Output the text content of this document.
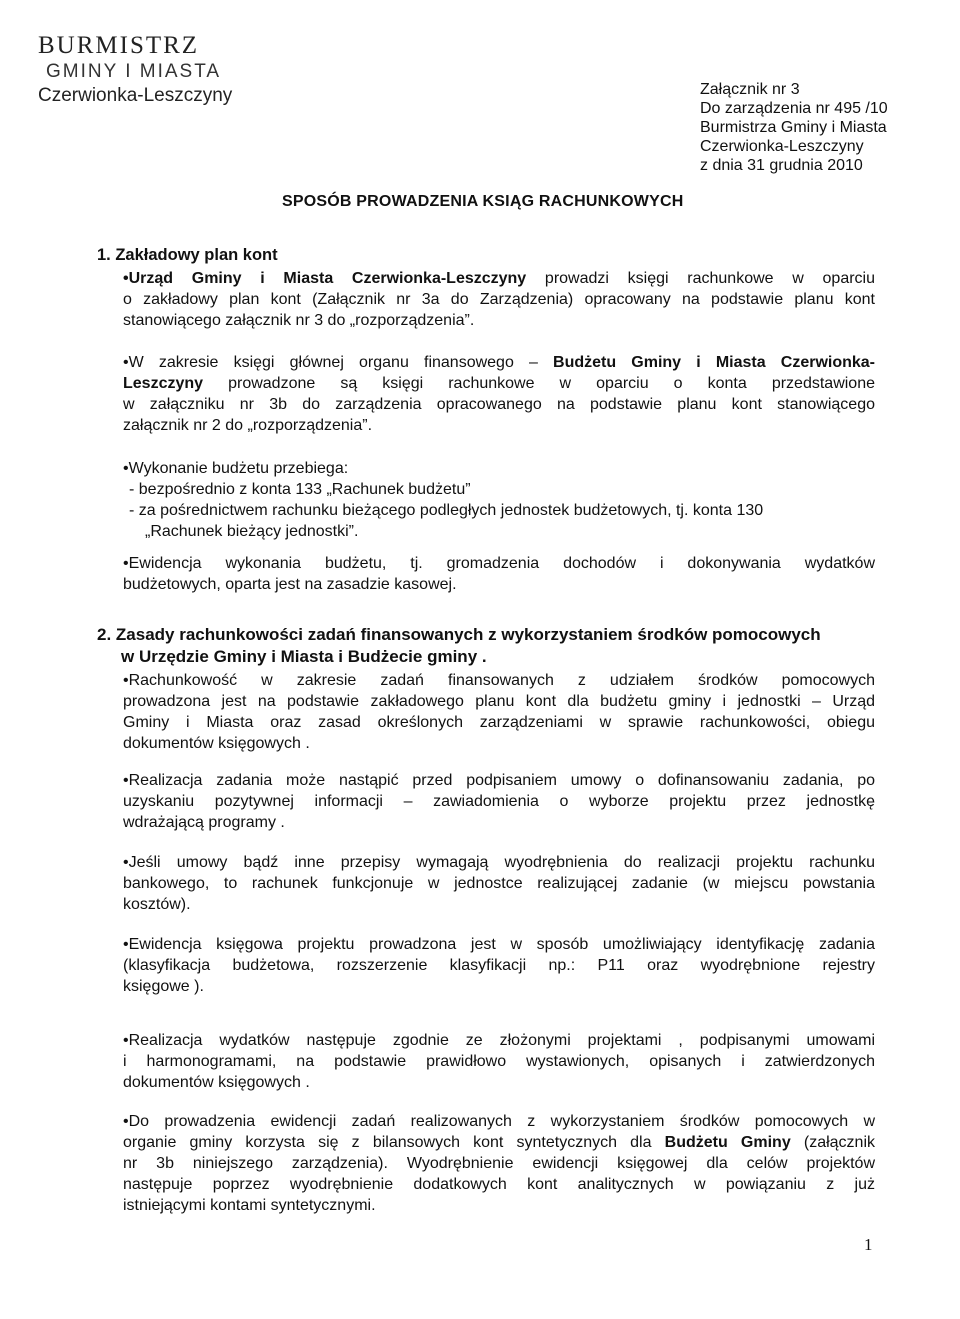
BURMISTRZ
GMINY I MIASTA
Czerwionka-Leszczyny	Załącznik nr 3
Do zarządzenia nr 495 /10
Burmistrza Gminy i Miasta
Czerwionka-Leszczyny
z dnia 31 grudnia 2010
SPOSÓB PROWADZENIA KSIĄG RACHUNKOWYCH
1. Zakładowy plan kont
•Urząd Gminy i Miasta Czerwionka-Leszczyny prowadzi księgi rachunkowe w oparciu
o zakładowy plan kont (Załącznik nr 3a do Zarządzenia) opracowany na podstawie planu kont
stanowiącego załącznik nr 3 do „rozporządzenia”.
•W zakresie księgi głównej organu finansowego – Budżetu Gminy i Miasta Czerwionka-
Leszczyny prowadzone są księgi rachunkowe w oparciu o konta przedstawione
w załączniku nr 3b do zarządzenia opracowanego na podstawie planu kont stanowiącego
załącznik nr 2 do „rozporządzenia”.
•Wykonanie budżetu przebiega:
- bezpośrednio z konta 133 „Rachunek budżetu”
- za pośrednictwem rachunku bieżącego podległych jednostek budżetowych, tj. konta 130
„Rachunek bieżący jednostki”.
•Ewidencja wykonania budżetu, tj. gromadzenia dochodów i dokonywania wydatków
budżetowych, oparta jest na zasadzie kasowej.
2. Zasady rachunkowości zadań finansowanych z wykorzystaniem środków pomocowych
w Urzędzie Gminy i Miasta i Budżecie gminy .
•Rachunkowość w zakresie zadań finansowanych z udziałem środków pomocowych
prowadzona jest na podstawie zakładowego planu kont dla budżetu gminy i jednostki – Urząd
Gminy i Miasta oraz zasad określonych zarządzeniami w sprawie rachunkowości, obiegu
dokumentów księgowych .
•Realizacja zadania może nastąpić przed podpisaniem umowy o dofinansowaniu zadania, po
uzyskaniu pozytywnej informacji – zawiadomienia o wyborze projektu przez jednostkę
wdrażającą programy .
•Jeśli umowy bądź inne przepisy wymagają wyodrębnienia do realizacji projektu rachunku
bankowego, to rachunek funkcjonuje w jednostce realizującej zadanie (w miejscu powstania
kosztów).
•Ewidencja księgowa projektu prowadzona jest w sposób umożliwiający identyfikację zadania
(klasyfikacja budżetowa, rozszerzenie klasyfikacji np.: P11 oraz wyodrębnione rejestry
księgowe ).
•Realizacja wydatków następuje zgodnie ze złożonymi projektami , podpisanymi umowami
i harmonogramami, na podstawie prawidłowo wystawionych, opisanych i zatwierdzonych
dokumentów księgowych .
•Do prowadzenia ewidencji zadań realizowanych z wykorzystaniem środków pomocowych w
organie gminy korzysta się z bilansowych kont syntetycznych dla Budżetu Gminy (załącznik
nr 3b niniejszego zarządzenia). Wyodrębnienie ewidencji księgowej dla celów projektów
następuje poprzez wyodrębnienie dodatkowych kont analitycznych w powiązaniu z już
istniejącymi kontami syntetycznymi.
1
